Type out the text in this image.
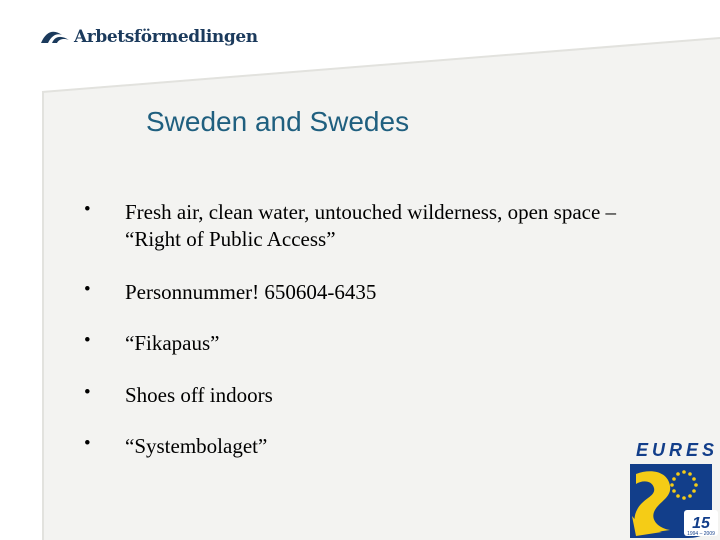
Arbetsförmedlingen
Sweden and Swedes
• Fresh air, clean water, untouched wilderness, open space – “Right of Public Access”
• Personnummer! 650604-6435
• “Fikapaus”
• Shoes off indoors
• “Systembolaget”	EURES
15
1994 – 2009
